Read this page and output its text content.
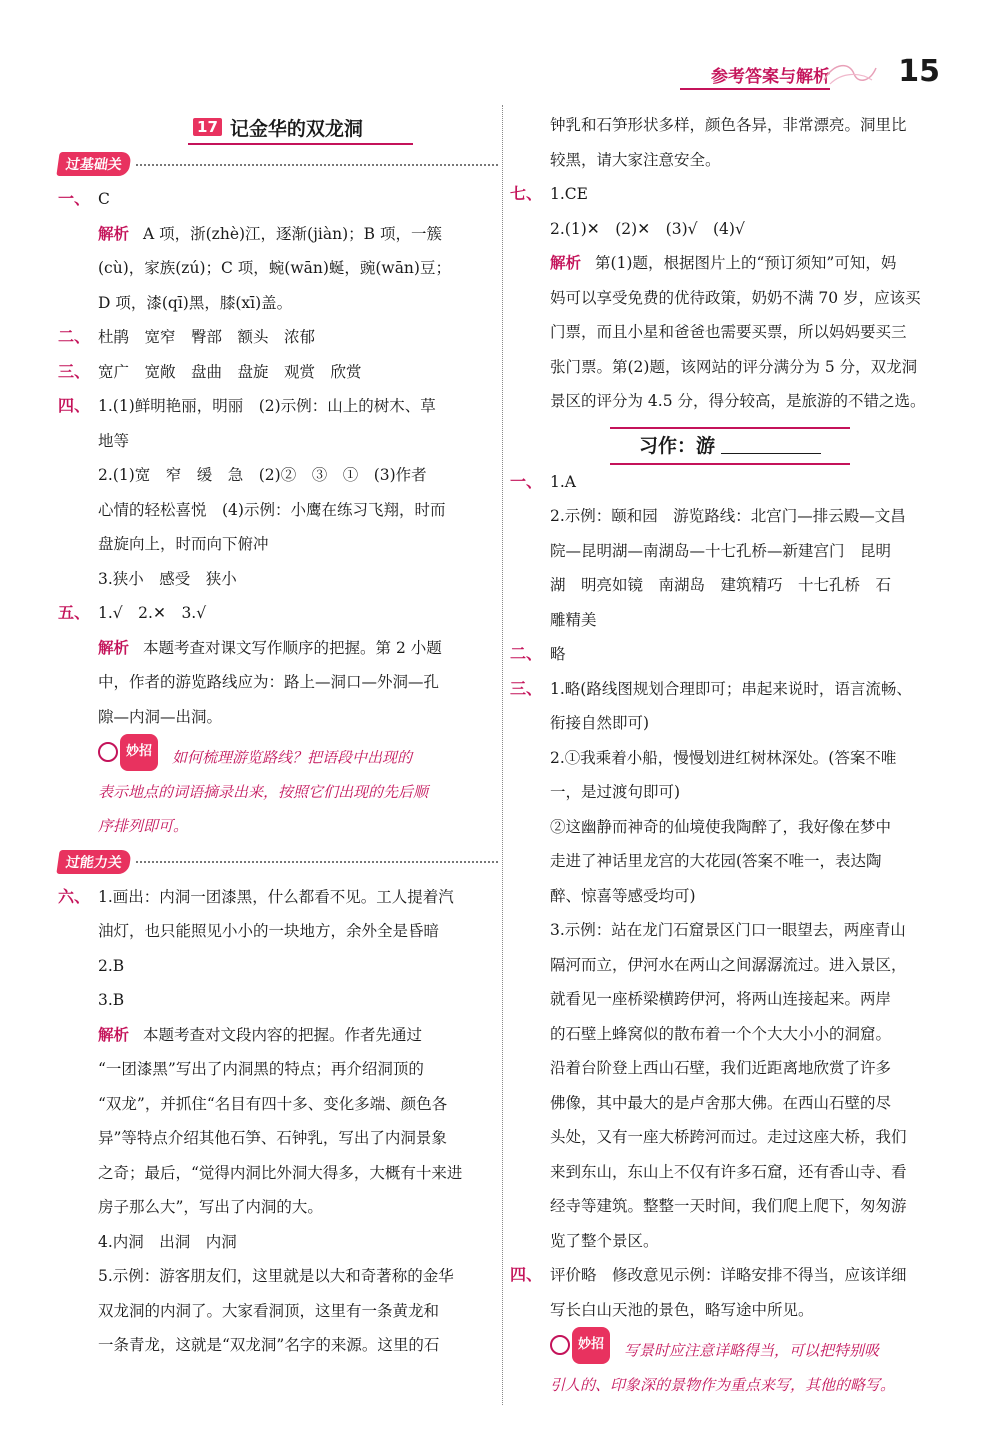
参考答案与解析 15
17 记金华的双龙洞
过基础关
一、 C
解析 A 项，浙(zhè)江，逐渐(jiàn)；B 项，一簇
(cù)，家族(zú)；C 项，蜿(wān)蜒，豌(wān)豆；
D 项，漆(qī)黑，膝(xī)盖。
二、 杜鹃　宽窄　臀部　额头　浓郁
三、 宽广　宽敞　盘曲　盘旋　观赏　欣赏
四、 1.(1)鲜明艳丽，明丽　(2)示例：山上的树木、草
地等
2.(1)宽　窄　缓　急　(2)②　③　①　(3)作者
心情的轻松喜悦　(4)示例：小鹰在练习飞翔，时而
盘旋向上，时而向下俯冲
3.狭小　感受　狭小
五、 1.√　2.✕　3.√
解析 本题考查对课文写作顺序的把握。第 2 小题
中，作者的游览路线应为：路上—洞口—外洞—孔
隙—内洞—出洞。
妙招	如何梳理游览路线？把语段中出现的
表示地点的词语摘录出来，按照它们出现的先后顺
序排列即可。
过能力关
六、 1.画出：内洞一团漆黑，什么都看不见。工人提着汽
油灯，也只能照见小小的一块地方，余外全是昏暗
2.B
3.B
解析 本题考查对文段内容的把握。作者先通过
“一团漆黑”写出了内洞黑的特点；再介绍洞顶的
“双龙”，并抓住“名目有四十多、变化多端、颜色各
异”等特点介绍其他石笋、石钟乳，写出了内洞景象
之奇；最后，“觉得内洞比外洞大得多，大概有十来进
房子那么大”，写出了内洞的大。
4.内洞　出洞　内洞
5.示例：游客朋友们，这里就是以大和奇著称的金华
双龙洞的内洞了。大家看洞顶，这里有一条黄龙和
一条青龙，这就是“双龙洞”名字的来源。这里的石
钟乳和石笋形状多样，颜色各异，非常漂亮。洞里比
较黑，请大家注意安全。
七、 1.CE
2.(1)✕　(2)✕　(3)√　(4)√
解析 第(1)题，根据图片上的“预订须知”可知，妈
妈可以享受免费的优待政策，奶奶不满 70 岁，应该买
门票，而且小星和爸爸也需要买票，所以妈妈要买三
张门票。第(2)题，该网站的评分满分为 5 分，双龙洞
景区的评分为 4.5 分，得分较高，是旅游的不错之选。
习作：游
一、 1.A
2.示例：颐和园　游览路线：北宫门—排云殿—文昌
院—昆明湖—南湖岛—十七孔桥—新建宫门　昆明
湖　明亮如镜　南湖岛　建筑精巧　十七孔桥　石
雕精美
二、 略
三、 1.略(路线图规划合理即可；串起来说时，语言流畅、
衔接自然即可)
2.①我乘着小船，慢慢划进红树林深处。(答案不唯
一，是过渡句即可)
②这幽静而神奇的仙境使我陶醉了，我好像在梦中
走进了神话里龙宫的大花园(答案不唯一，表达陶
醉、惊喜等感受均可)
3.示例：站在龙门石窟景区门口一眼望去，两座青山
隔河而立，伊河水在两山之间潺潺流过。进入景区，
就看见一座桥梁横跨伊河，将两山连接起来。两岸
的石壁上蜂窝似的散布着一个个大大小小的洞窟。
沿着台阶登上西山石壁，我们近距离地欣赏了许多
佛像，其中最大的是卢舍那大佛。在西山石壁的尽
头处，又有一座大桥跨河而过。走过这座大桥，我们
来到东山，东山上不仅有许多石窟，还有香山寺、看
经寺等建筑。整整一天时间，我们爬上爬下，匆匆游
览了整个景区。
四、 评价略　修改意见示例：详略安排不得当，应该详细
写长白山天池的景色，略写途中所见。
妙招	写景时应注意详略得当，可以把特别吸
引人的、印象深的景物作为重点来写，其他的略写。
